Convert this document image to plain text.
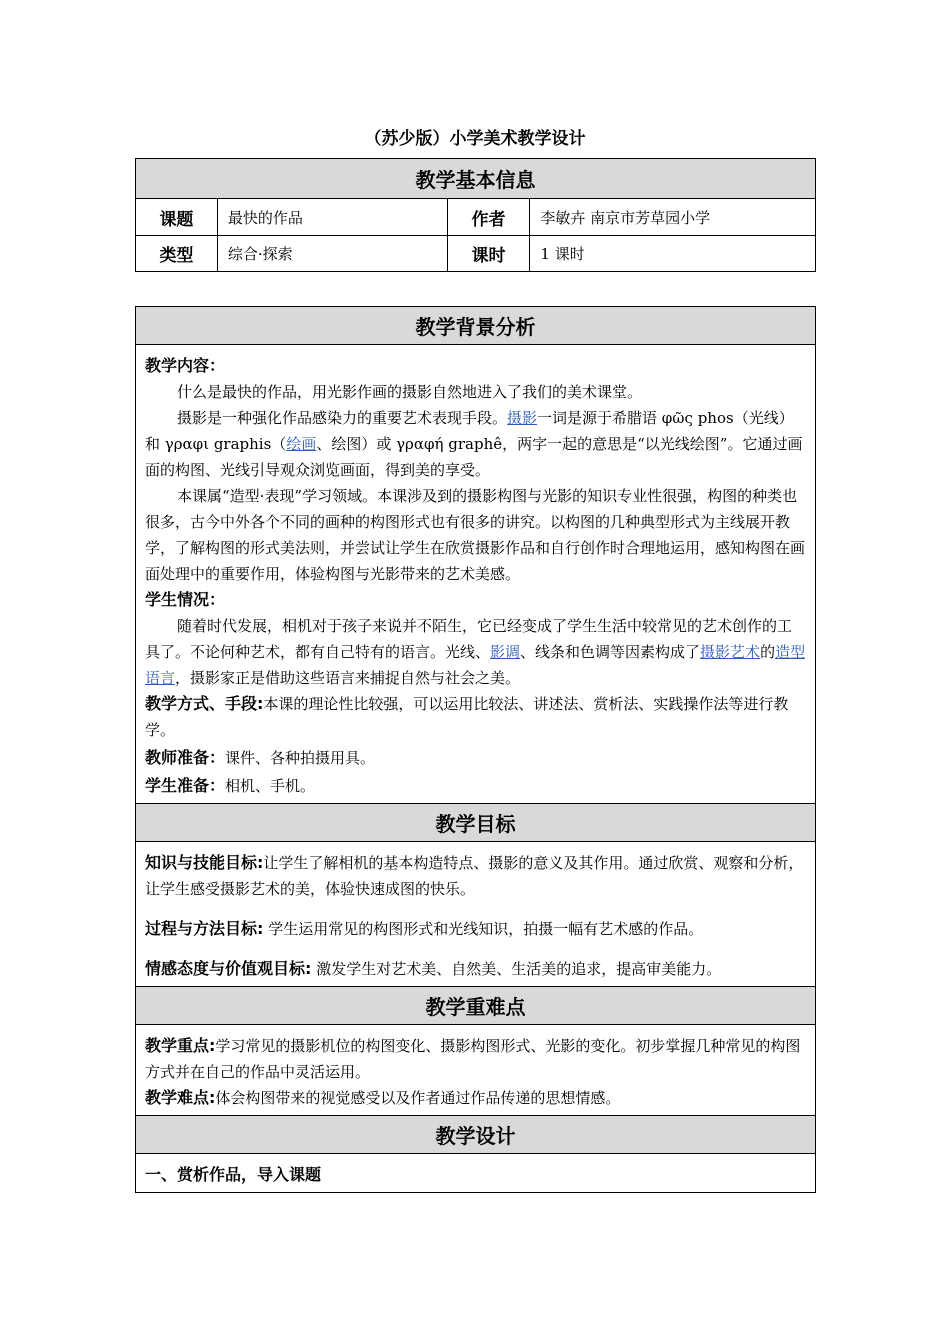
（苏少版）小学美术教学设计
教学基本信息			
课题	最快的作品	作者	李敏卉 南京市芳草园小学
类型	综合·探索	课时	1 课时
教学背景分析

教学内容：

什么是最快的作品，用光影作画的摄影自然地进入了我们的美术课堂。

摄影是一种强化作品感染力的重要艺术表现手段。摄影一词是源于希腊语 φῶς phos（光线）和 γραφι graphis（绘画、绘图）或 γραφή graphê，两字一起的意思是“以光线绘图”。它通过画面的构图、光线引导观众浏览画面，得到美的享受。

本课属“造型·表现”学习领域。本课涉及到的摄影构图与光影的知识专业性很强，构图的种类也很多，古今中外各个不同的画种的构图形式也有很多的讲究。以构图的几种典型形式为主线展开教学，了解构图的形式美法则，并尝试让学生在欣赏摄影作品和自行创作时合理地运用，感知构图在画面处理中的重要作用，体验构图与光影带来的艺术美感。

学生情况：

随着时代发展，相机对于孩子来说并不陌生，它已经变成了学生生活中较常见的艺术创作的工具了。不论何种艺术，都有自己特有的语言。光线、影调、线条和色调等因素构成了摄影艺术的造型语言，摄影家正是借助这些语言来捕捉自然与社会之美。

教学方式、手段:本课的理论性比较强，可以运用比较法、讲述法、赏析法、实践操作法等进行教学。

教师准备：课件、各种拍摄用具。

学生准备：相机、手机。

教学目标

知识与技能目标:让学生了解相机的基本构造特点、摄影的意义及其作用。通过欣赏、观察和分析，让学生感受摄影艺术的美，体验快速成图的快乐。

过程与方法目标: 学生运用常见的构图形式和光线知识，拍摄一幅有艺术感的作品。

情感态度与价值观目标: 激发学生对艺术美、自然美、生活美的追求，提高审美能力。

教学重难点

教学重点:学习常见的摄影机位的构图变化、摄影构图形式、光影的变化。初步掌握几种常见的构图方式并在自己的作品中灵活运用。

教学难点:体会构图带来的视觉感受以及作者通过作品传递的思想情感。

教学设计

一、赏析作品，导入课题
